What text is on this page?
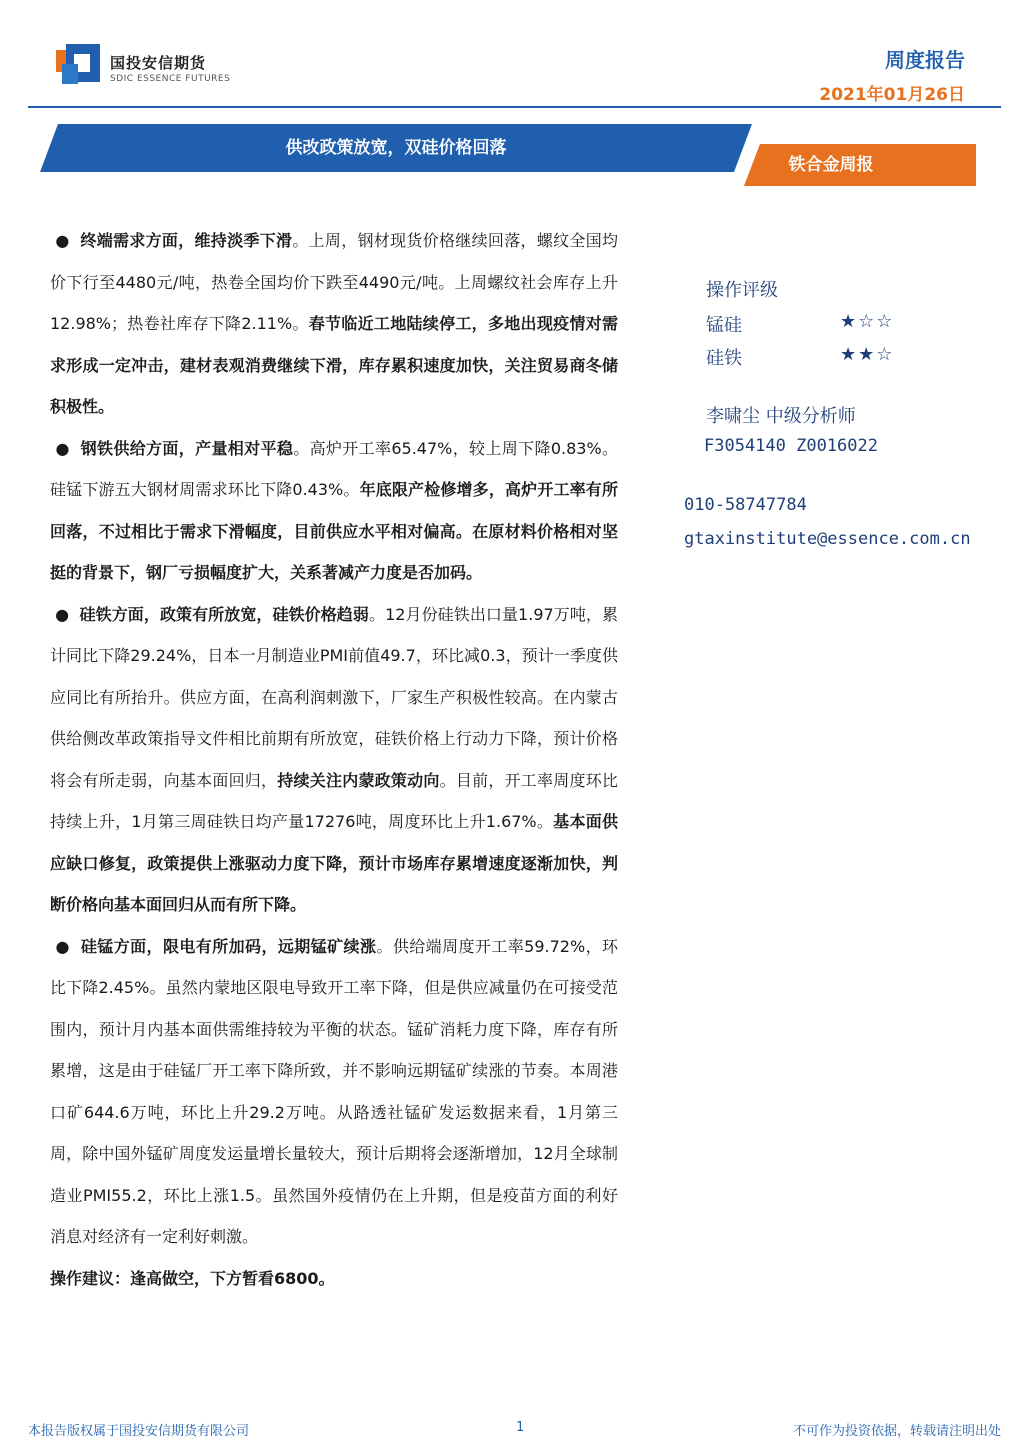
国投安信期货
SDIC ESSENCE FUTURES
周度报告
2021年01月26日
供改政策放宽，双硅价格回落
铁合金周报

●  终端需求方面，维持淡季下滑。上周，钢材现货价格继续回落，螺纹全国均价下行至4480元/吨，热卷全国均价下跌至4490元/吨。上周螺纹社会库存上升12.98%；热卷社库存下降2.11%。春节临近工地陆续停工，多地出现疫情对需求形成一定冲击，建材表观消费继续下滑，库存累积速度加快，关注贸易商冬储积极性。

●  钢铁供给方面，产量相对平稳。高炉开工率65.47%，较上周下降0.83%。硅锰下游五大钢材周需求环比下降0.43%。年底限产检修增多，高炉开工率有所回落，不过相比于需求下滑幅度，目前供应水平相对偏高。在原材料价格相对坚挺的背景下，钢厂亏损幅度扩大，关系著减产力度是否加码。

●  硅铁方面，政策有所放宽，硅铁价格趋弱。12月份硅铁出口量1.97万吨，累计同比下降29.24%，日本一月制造业PMI前值49.7，环比减0.3，预计一季度供应同比有所抬升。供应方面，在高利润刺激下，厂家生产积极性较高。在内蒙古供给侧改革政策指导文件相比前期有所放宽，硅铁价格上行动力下降，预计价格将会有所走弱，向基本面回归，持续关注内蒙政策动向。目前，开工率周度环比持续上升，1月第三周硅铁日均产量17276吨，周度环比上升1.67%。基本面供应缺口修复，政策提供上涨驱动力度下降，预计市场库存累增速度逐渐加快，判断价格向基本面回归从而有所下降。

●  硅锰方面，限电有所加码，远期锰矿续涨。供给端周度开工率59.72%，环比下降2.45%。虽然内蒙地区限电导致开工率下降，但是供应减量仍在可接受范围内，预计月内基本面供需维持较为平衡的状态。锰矿消耗力度下降，库存有所累增，这是由于硅锰厂开工率下降所致，并不影响远期锰矿续涨的节奏。本周港口矿644.6万吨，环比上升29.2万吨。从路透社锰矿发运数据来看，1月第三周，除中国外锰矿周度发运量增长量较大，预计后期将会逐渐增加，12月全球制造业PMI55.2，环比上涨1.5。虽然国外疫情仍在上升期，但是疫苗方面的利好消息对经济有一定利好刺激。

操作建议：逢高做空，下方暂看6800。

操作评级
锰硅	★☆☆
硅铁	★★☆
李啸尘 中级分析师
F3054140 Z0016022
010-58747784
gtaxinstitute@essence.com.cn
本报告版权属于国投安信期货有限公司	1	不可作为投资依据，转载请注明出处
